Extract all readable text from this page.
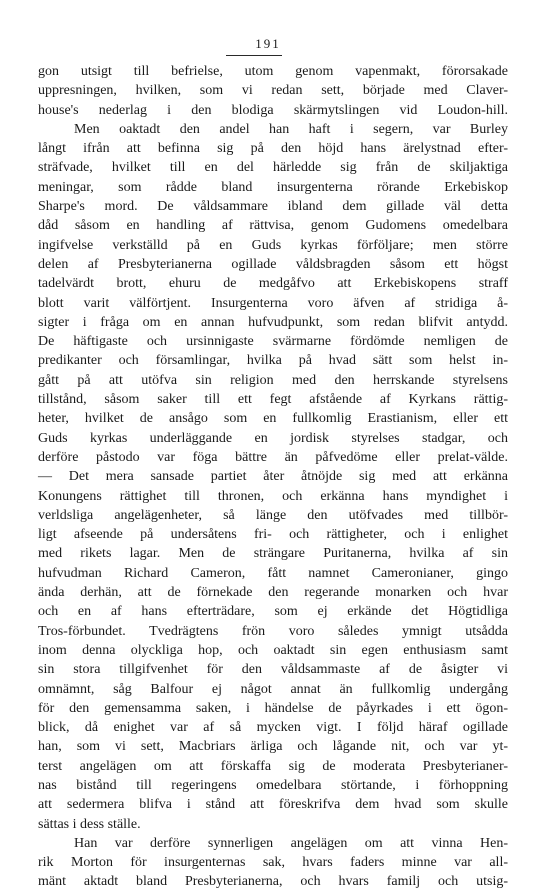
191
gon utsigt till befrielse, utom genom vapenmakt, förorsakade
uppresningen, hvilken, som vi redan sett, började med Claver-
house's nederlag i den blodiga skärmytslingen vid Loudon-hill.
Men oaktadt den andel han haft i segern, var Burley
långt ifrån att befinna sig på den höjd hans ärelystnad efter-
sträfvade, hvilket till en del härledde sig från de skiljaktiga
meningar, som rådde bland insurgenterna rörande Erkebiskop
Sharpe's mord. De våldsammare ibland dem gillade väl detta
dåd såsom en handling af rättvisa, genom Gudomens omedelbara
ingifvelse verkställd på en Guds kyrkas förföljare; men större
delen af Presbyterianerna ogillade våldsbragden såsom ett högst
tadelvärdt brott, ehuru de medgåfvo att Erkebiskopens straff
blott varit välförtjent. Insurgenterna voro äfven af stridiga å-
sigter i fråga om en annan hufvudpunkt, som redan blifvit antydd.
De häftigaste och ursinnigaste svärmarne fördömde nemligen de
predikanter och församlingar, hvilka på hvad sätt som helst in-
gått på att utöfva sin religion med den herrskande styrelsens
tillstånd, såsom saker till ett fegt afstående af Kyrkans rättig-
heter, hvilket de ansågo som en fullkomlig Erastianism, eller ett
Guds kyrkas underläggande en jordisk styrelses stadgar, och
derföre påstodo var föga bättre än påfvedöme eller prelat-välde.
— Det mera sansade partiet åter åtnöjde sig med att erkänna
Konungens rättighet till thronen, och erkänna hans myndighet i
verldsliga angelägenheter, så länge den utöfvades med tillbör-
ligt afseende på undersåtens fri- och rättigheter, och i enlighet
med rikets lagar. Men de strängare Puritanerna, hvilka af sin
hufvudman Richard Cameron, fått namnet Cameronianer, gingo
ända derhän, att de förnekade den regerande monarken och hvar
och en af hans efterträdare, som ej erkände det Högtidliga
Tros-förbundet. Tvedrägtens frön voro således ymnigt utsådda
inom denna olyckliga hop, och oaktadt sin egen enthusiasm samt
sin stora tillgifvenhet för den våldsammaste af de åsigter vi
omnämnt, såg Balfour ej något annat än fullkomlig undergång
för den gemensamma saken, i händelse de påyrkades i ett ögon-
blick, då enighet var af så mycken vigt. I följd häraf ogillade
han, som vi sett, Macbriars ärliga och lågande nit, och var yt-
terst angelägen om att förskaffa sig de moderata Presbyterianer-
nas bistånd till regeringens omedelbara störtande, i förhoppning
att sedermera blifva i stånd att föreskrifva dem hvad som skulle
sättas i dess ställe.
Han var derföre synnerligen angelägen om att vinna Hen-
rik Morton för insurgenternas sak, hvars faders minne var all-
mänt aktadt bland Presbyterianerna, och hvars familj och utsig-
